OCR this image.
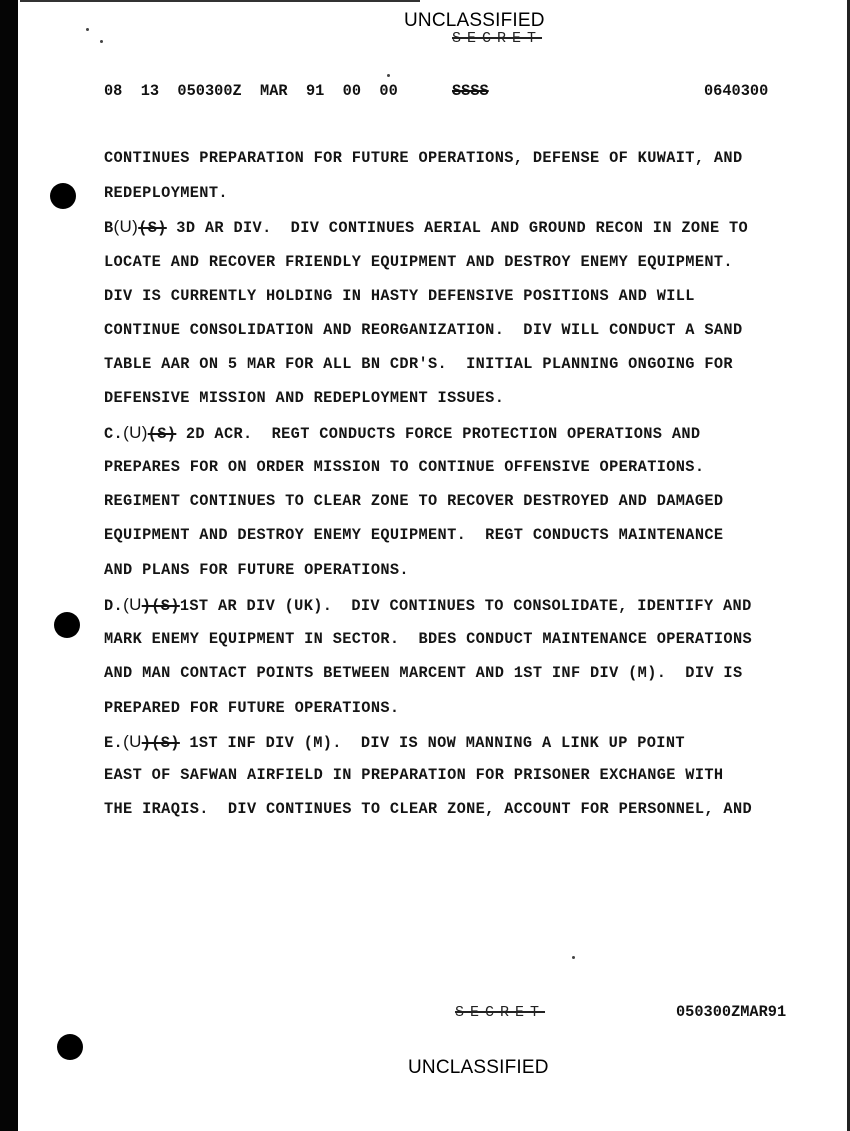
UNCLASSIFIED
SECRET
08  13  050300Z  MAR  91  00  00	SSSS	0640300
CONTINUES PREPARATION FOR FUTURE OPERATIONS, DEFENSE OF KUWAIT, AND
REDEPLOYMENT.
B(U)(S) 3D AR DIV.  DIV CONTINUES AERIAL AND GROUND RECON IN ZONE TO
LOCATE AND RECOVER FRIENDLY EQUIPMENT AND DESTROY ENEMY EQUIPMENT.
DIV IS CURRENTLY HOLDING IN HASTY DEFENSIVE POSITIONS AND WILL
CONTINUE CONSOLIDATION AND REORGANIZATION.  DIV WILL CONDUCT A SAND
TABLE AAR ON 5 MAR FOR ALL BN CDR'S.  INITIAL PLANNING ONGOING FOR
DEFENSIVE MISSION AND REDEPLOYMENT ISSUES.
C.(U)(S) 2D ACR.  REGT CONDUCTS FORCE PROTECTION OPERATIONS AND
PREPARES FOR ON ORDER MISSION TO CONTINUE OFFENSIVE OPERATIONS.
REGIMENT CONTINUES TO CLEAR ZONE TO RECOVER DESTROYED AND DAMAGED
EQUIPMENT AND DESTROY ENEMY EQUIPMENT.  REGT CONDUCTS MAINTENANCE
AND PLANS FOR FUTURE OPERATIONS.
D.(U)(S)1ST AR DIV (UK).  DIV CONTINUES TO CONSOLIDATE, IDENTIFY AND
MARK ENEMY EQUIPMENT IN SECTOR.  BDES CONDUCT MAINTENANCE OPERATIONS
AND MAN CONTACT POINTS BETWEEN MARCENT AND 1ST INF DIV (M).  DIV IS
PREPARED FOR FUTURE OPERATIONS.
E.(U)(S) 1ST INF DIV (M).  DIV IS NOW MANNING A LINK UP POINT
EAST OF SAFWAN AIRFIELD IN PREPARATION FOR PRISONER EXCHANGE WITH
THE IRAQIS.  DIV CONTINUES TO CLEAR ZONE, ACCOUNT FOR PERSONNEL, AND
SECRET	050300ZMAR91
UNCLASSIFIED
